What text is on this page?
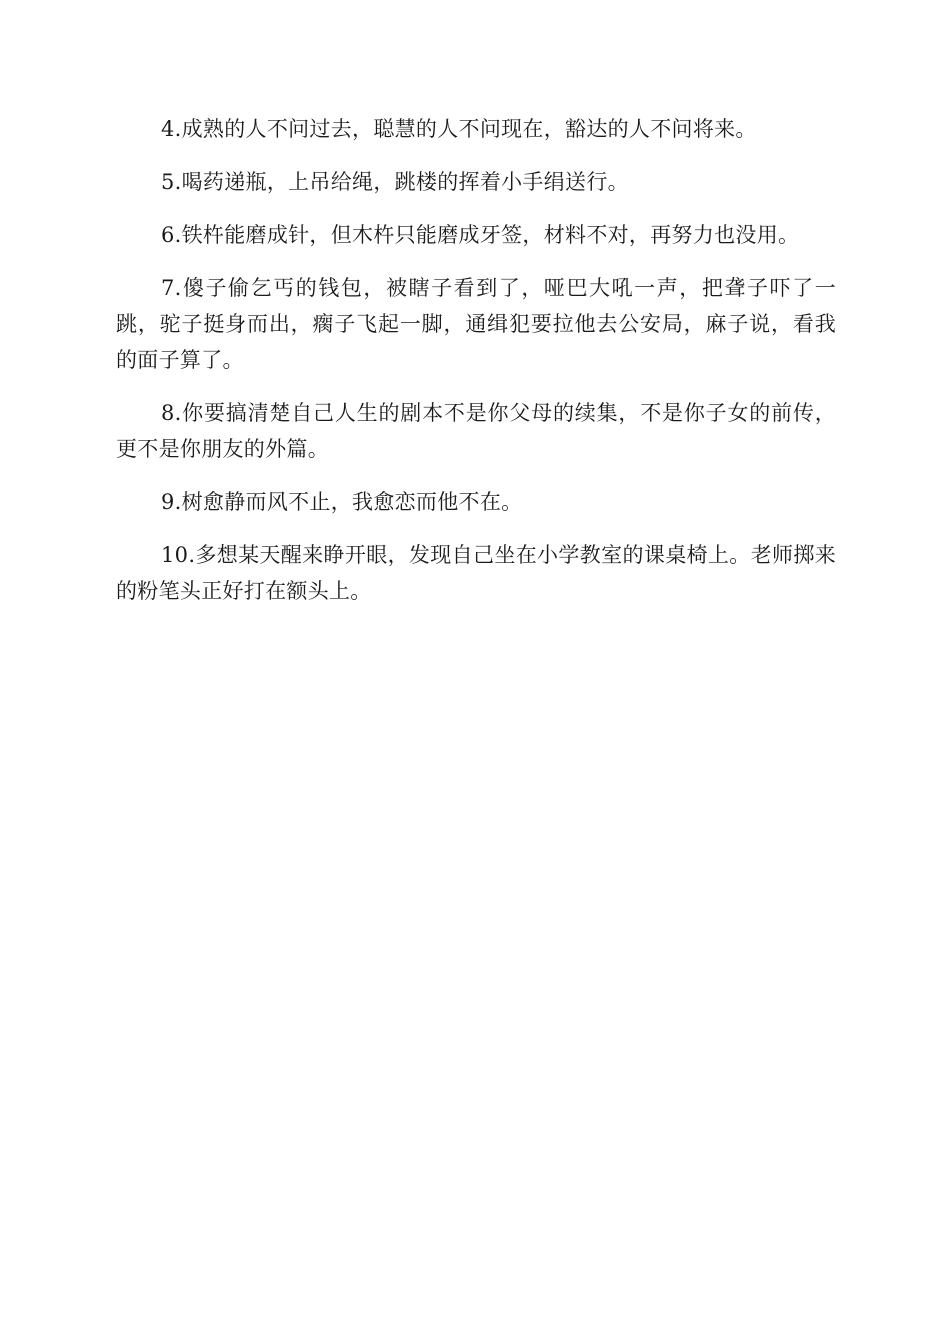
4.成熟的人不问过去，聪慧的人不问现在，豁达的人不问将来。

5.喝药递瓶，上吊给绳，跳楼的挥着小手绢送行。

6.铁杵能磨成针，但木杵只能磨成牙签，材料不对，再努力也没用。

7.傻子偷乞丐的钱包，被瞎子看到了，哑巴大吼一声，把聋子吓了一跳，驼子挺身而出，瘸子飞起一脚，通缉犯要拉他去公安局，麻子说，看我的面子算了。

8.你要搞清楚自己人生的剧本不是你父母的续集，不是你子女的前传，更不是你朋友的外篇。

9.树愈静而风不止，我愈恋而他不在。

10.多想某天醒来睁开眼，发现自己坐在小学教室的课桌椅上。老师掷来的粉笔头正好打在额头上。
